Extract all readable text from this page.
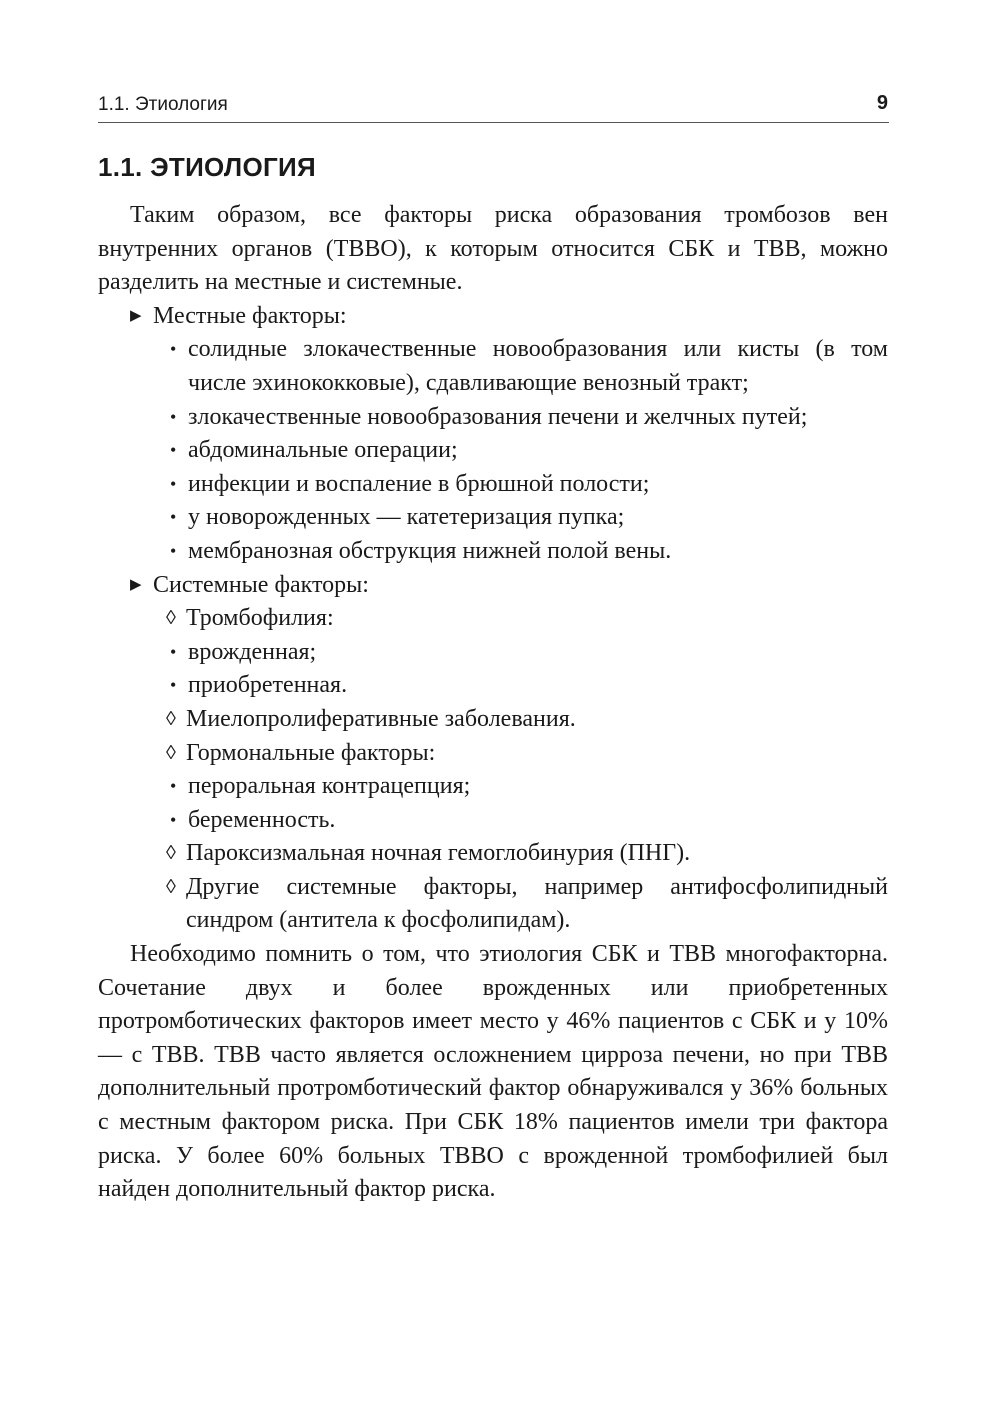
1.1. Этиология	9
1.1. ЭТИОЛОГИЯ

Таким образом, все факторы риска образования тромбозов вен внутренних органов (ТВВО), к которым относится СБК и ТВВ, можно разделить на местные и системные.

▶ Местные факторы:
• солидные злокачественные новообразования или кисты (в том числе эхинококковые), сдавливающие венозный тракт;
• злокачественные новообразования печени и желчных путей;
• абдоминальные операции;
• инфекции и воспаление в брюшной полости;
• у новорожденных — катетеризация пупка;
• мембранозная обструкция нижней полой вены.
▶ Системные факторы:
◊ Тромбофилия:
• врожденная;
• приобретенная.
◊ Миелопролиферативные заболевания.
◊ Гормональные факторы:
• пероральная контрацепция;
• беременность.
◊ Пароксизмальная ночная гемоглобинурия (ПНГ).
◊ Другие системные факторы, например антифосфолипидный синдром (антитела к фосфолипидам).

Необходимо помнить о том, что этиология СБК и ТВВ многофакторна. Сочетание двух и более врожденных или приобретенных протромботических факторов имеет место у 46% пациентов с СБК и у 10% — с ТВВ. ТВВ часто является осложнением цирроза печени, но при ТВВ дополнительный протромботический фактор обнаруживался у 36% больных с местным фактором риска. При СБК 18% пациентов имели три фактора риска. У более 60% больных ТВВО с врожденной тромбофилией был найден дополнительный фактор риска.
